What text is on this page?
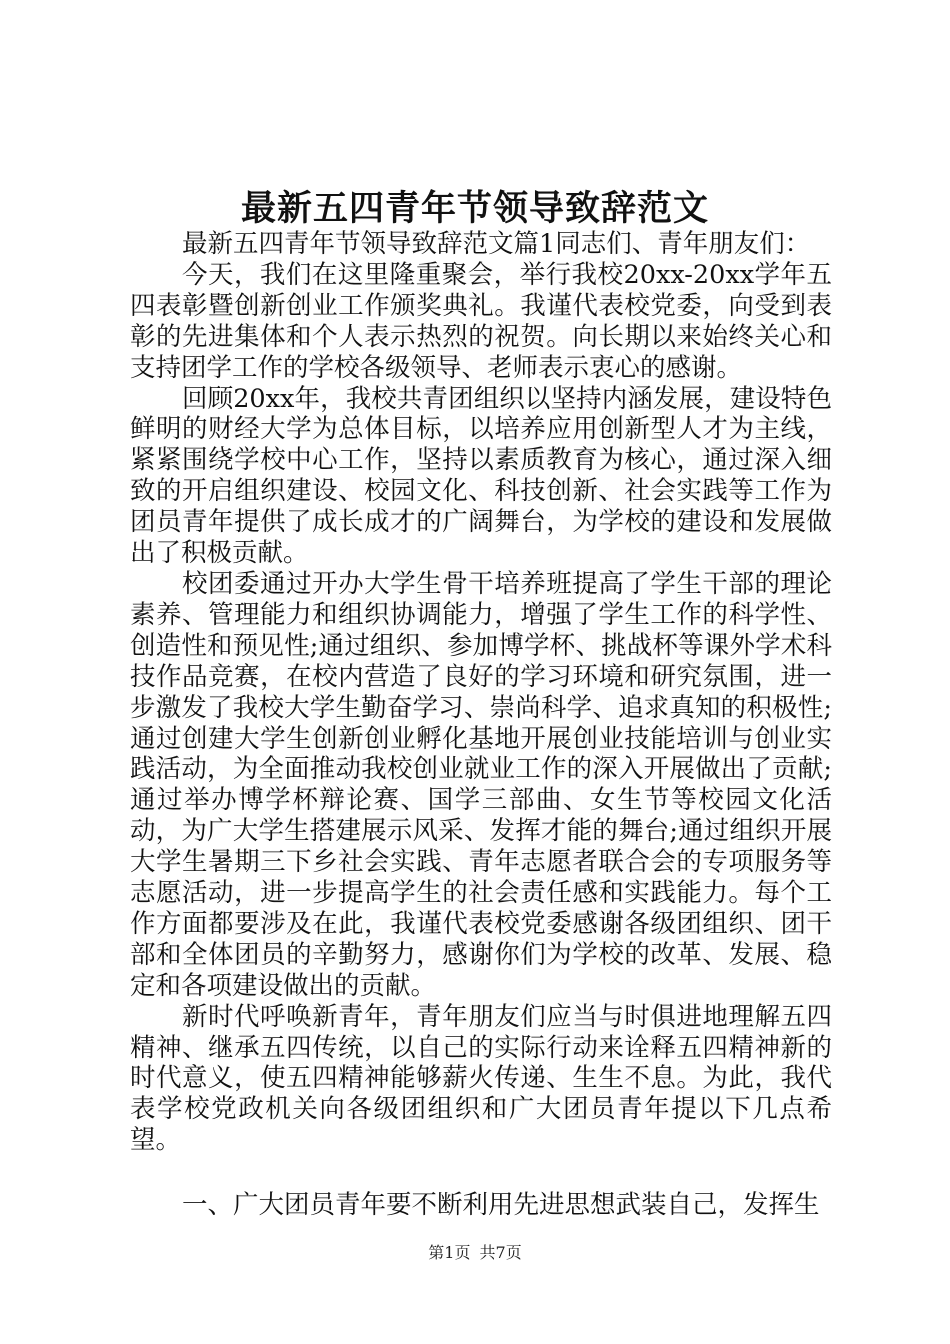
最新五四青年节领导致辞范文

最新五四青年节领导致辞范文篇1同志们、青年朋友们：

今天，我们在这里隆重聚会，举行我校20xx-20xx学年五四表彰暨创新创业工作颁奖典礼。我谨代表校党委，向受到表彰的先进集体和个人表示热烈的祝贺。向长期以来始终关心和支持团学工作的学校各级领导、老师表示衷心的感谢。

回顾20xx年，我校共青团组织以坚持内涵发展，建设特色鲜明的财经大学为总体目标，以培养应用创新型人才为主线，紧紧围绕学校中心工作，坚持以素质教育为核心，通过深入细致的开启组织建设、校园文化、科技创新、社会实践等工作为团员青年提供了成长成才的广阔舞台，为学校的建设和发展做出了积极贡献。

校团委通过开办大学生骨干培养班提高了学生干部的理论素养、管理能力和组织协调能力，增强了学生工作的科学性、创造性和预见性;通过组织、参加博学杯、挑战杯等课外学术科技作品竞赛，在校内营造了良好的学习环境和研究氛围，进一步激发了我校大学生勤奋学习、崇尚科学、追求真知的积极性;通过创建大学生创新创业孵化基地开展创业技能培训与创业实践活动，为全面推动我校创业就业工作的深入开展做出了贡献;通过举办博学杯辩论赛、国学三部曲、女生节等校园文化活动，为广大学生搭建展示风采、发挥才能的舞台;通过组织开展大学生暑期三下乡社会实践、青年志愿者联合会的专项服务等志愿活动，进一步提高学生的社会责任感和实践能力。每个工作方面都要涉及在此，我谨代表校党委感谢各级团组织、团干部和全体团员的辛勤努力，感谢你们为学校的改革、发展、稳定和各项建设做出的贡献。

新时代呼唤新青年，青年朋友们应当与时俱进地理解五四精神、继承五四传统，以自己的实际行动来诠释五四精神新的时代意义，使五四精神能够薪火传递、生生不息。为此，我代表学校党政机关向各级团组织和广大团员青年提以下几点希望。

一、广大团员青年要不断利用先进思想武装自己，发挥生

第1页 共7页
